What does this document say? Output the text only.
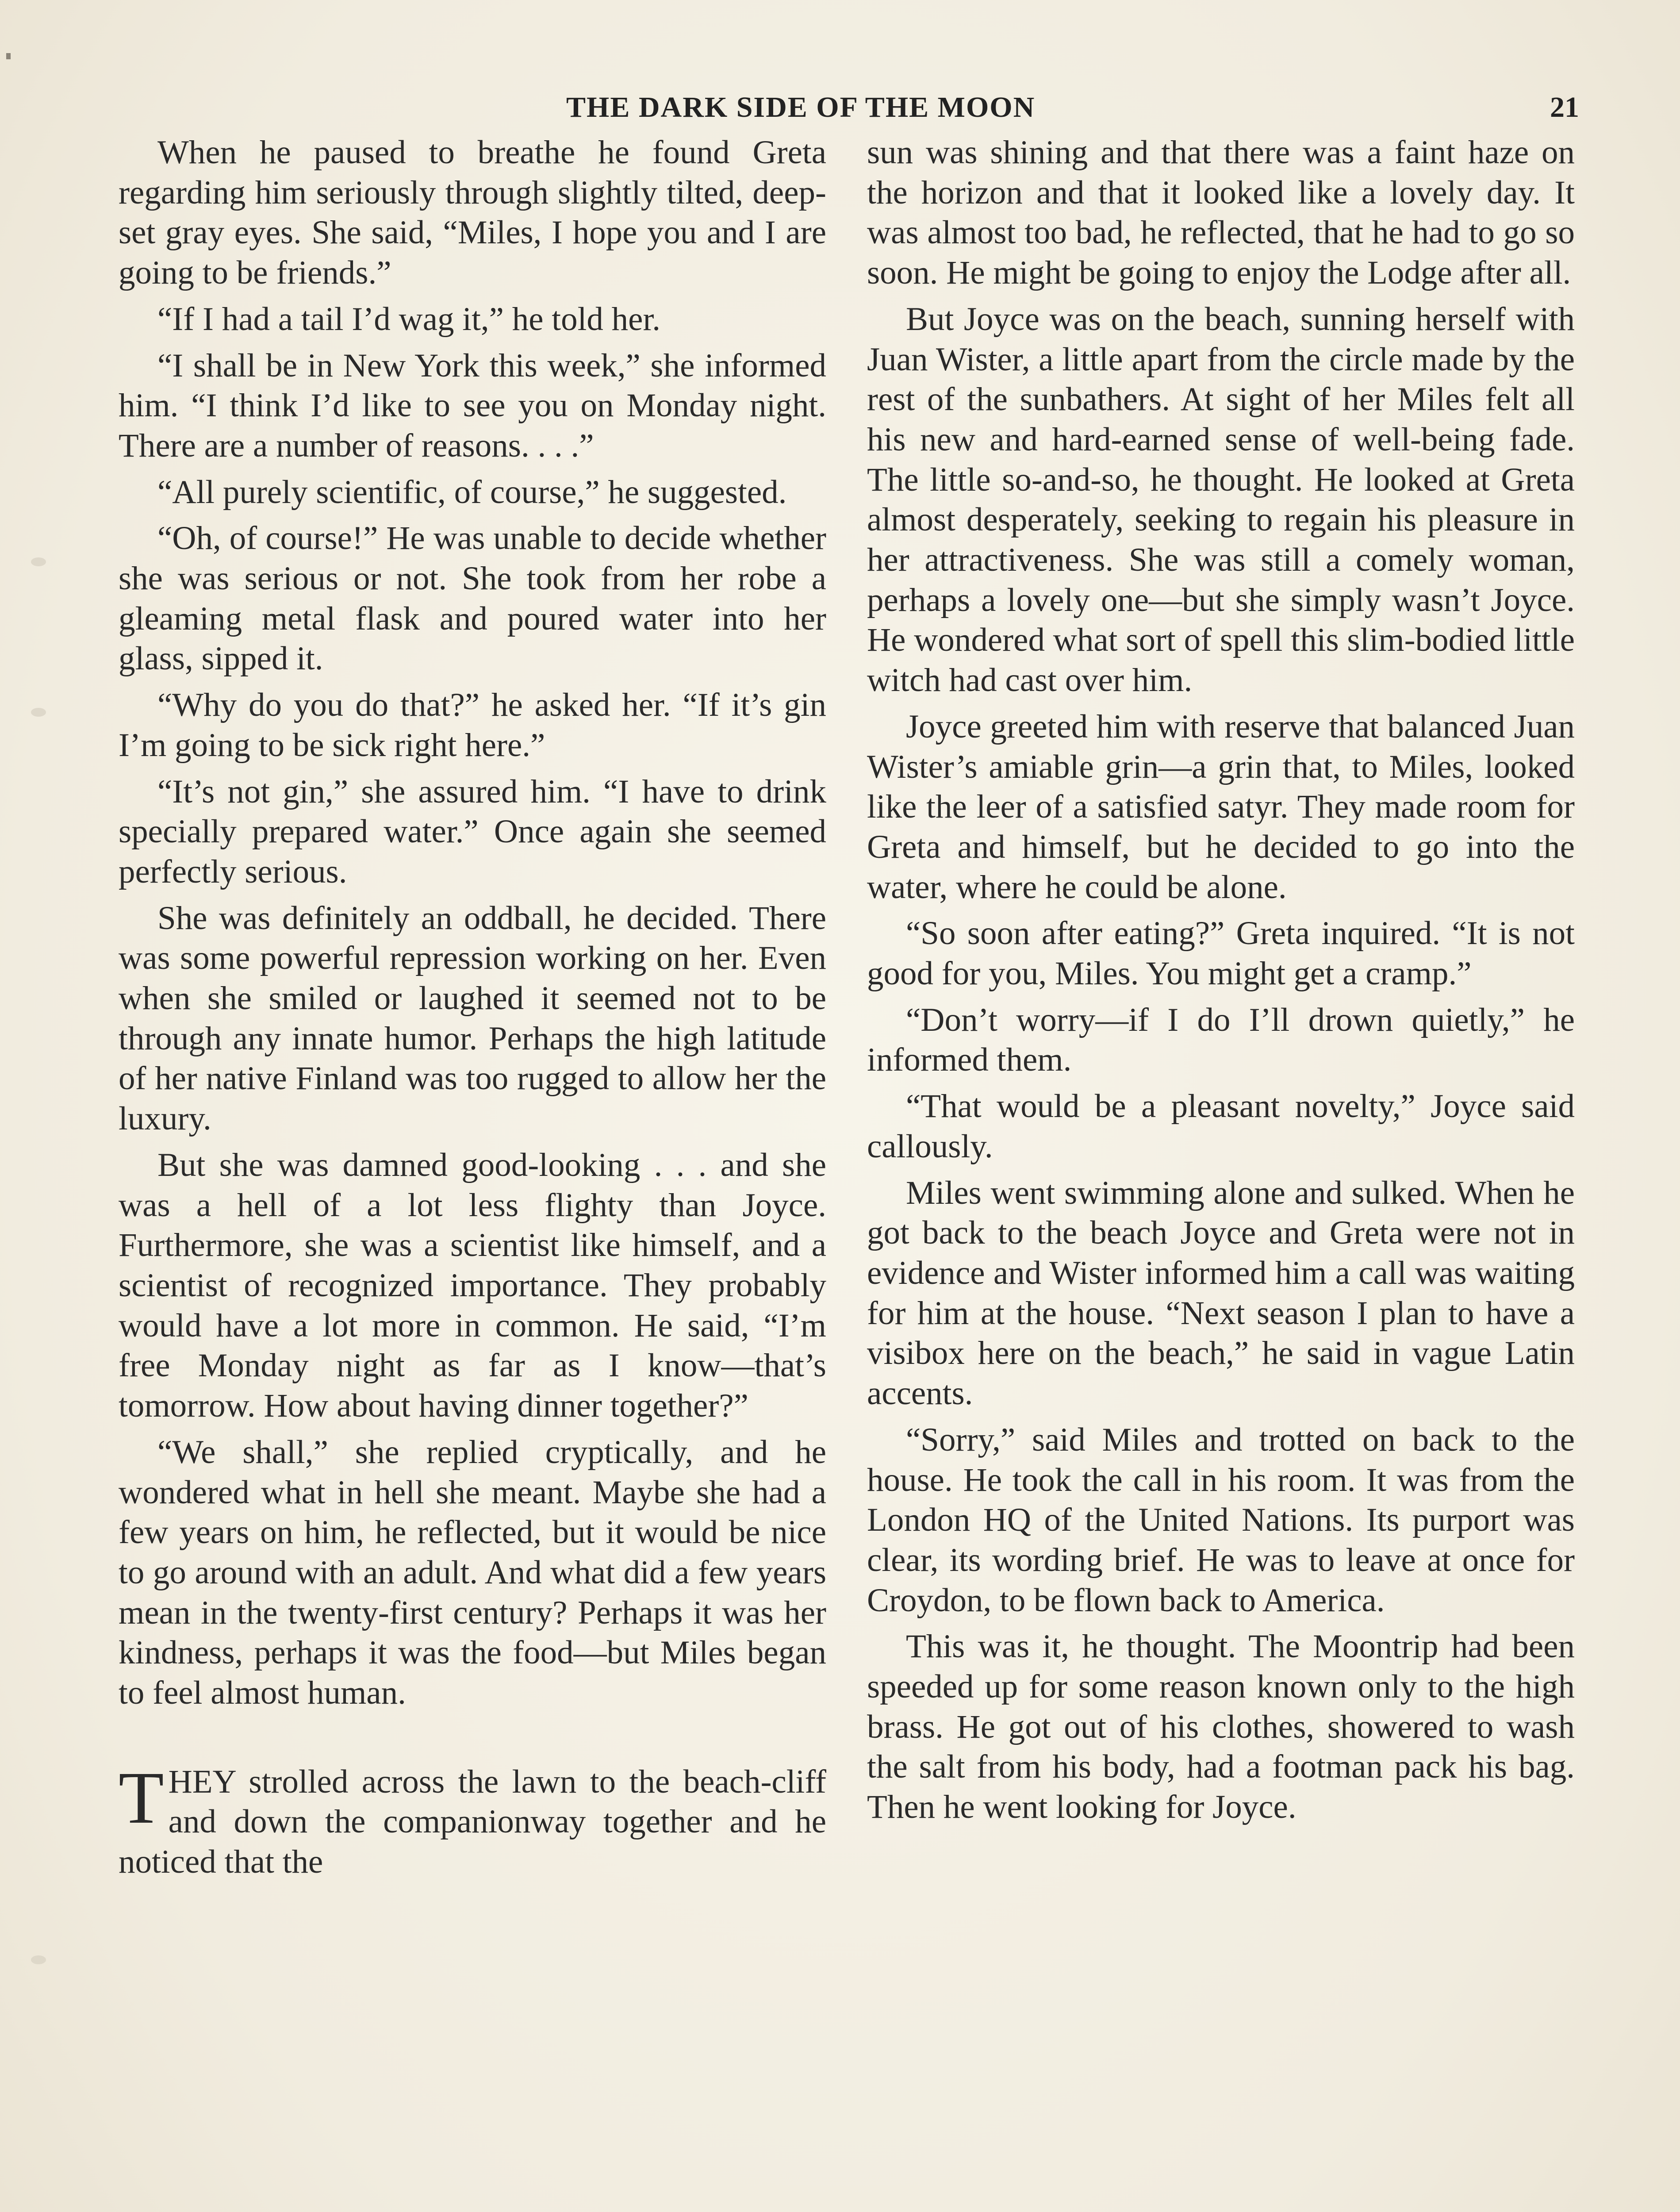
THE DARK SIDE OF THE MOON	21

When he paused to breathe he found Greta regarding him seriously through slightly tilted, deep-set gray eyes. She said, “Miles, I hope you and I are going to be friends.”

“If I had a tail I’d wag it,” he told her.

“I shall be in New York this week,” she informed him. “I think I’d like to see you on Monday night. There are a number of reasons. . . .”

“All purely scientific, of course,” he suggested.

“Oh, of course!” He was unable to decide whether she was serious or not. She took from her robe a gleaming metal flask and poured water into her glass, sipped it.

“Why do you do that?” he asked her. “If it’s gin I’m going to be sick right here.”

“It’s not gin,” she assured him. “I have to drink specially prepared water.” Once again she seemed perfectly serious.

She was definitely an oddball, he decided. There was some powerful repression working on her. Even when she smiled or laughed it seemed not to be through any innate humor. Perhaps the high latitude of her native Finland was too rugged to allow her the luxury.

But she was damned good-looking . . . and she was a hell of a lot less flighty than Joyce. Furthermore, she was a scientist like himself, and a scientist of recognized importance. They probably would have a lot more in common. He said, “I’m free Monday night as far as I know—that’s tomorrow. How about having dinner together?”

“We shall,” she replied cryptically, and he wondered what in hell she meant. Maybe she had a few years on him, he reflected, but it would be nice to go around with an adult. And what did a few years mean in the twenty-first century? Perhaps it was her kindness, perhaps it was the food—but Miles began to feel almost human.

THEY strolled across the lawn to the beach-cliff and down the companionway together and he noticed that the

sun was shining and that there was a faint haze on the horizon and that it looked like a lovely day. It was almost too bad, he reflected, that he had to go so soon. He might be going to enjoy the Lodge after all.

But Joyce was on the beach, sunning herself with Juan Wister, a little apart from the circle made by the rest of the sunbathers. At sight of her Miles felt all his new and hard-earned sense of well-being fade. The little so-and-so, he thought. He looked at Greta almost desperately, seeking to regain his pleasure in her attractiveness. She was still a comely woman, perhaps a lovely one—but she simply wasn’t Joyce. He wondered what sort of spell this slim-bodied little witch had cast over him.

Joyce greeted him with reserve that balanced Juan Wister’s amiable grin—a grin that, to Miles, looked like the leer of a satisfied satyr. They made room for Greta and himself, but he decided to go into the water, where he could be alone.

“So soon after eating?” Greta inquired. “It is not good for you, Miles. You might get a cramp.”

“Don’t worry—if I do I’ll drown quietly,” he informed them.

“That would be a pleasant novelty,” Joyce said callously.

Miles went swimming alone and sulked. When he got back to the beach Joyce and Greta were not in evidence and Wister informed him a call was waiting for him at the house. “Next season I plan to have a visibox here on the beach,” he said in vague Latin accents.

“Sorry,” said Miles and trotted on back to the house. He took the call in his room. It was from the London HQ of the United Nations. Its purport was clear, its wording brief. He was to leave at once for Croydon, to be flown back to America.

This was it, he thought. The Moontrip had been speeded up for some reason known only to the high brass. He got out of his clothes, showered to wash the salt from his body, had a footman pack his bag. Then he went looking for Joyce.
